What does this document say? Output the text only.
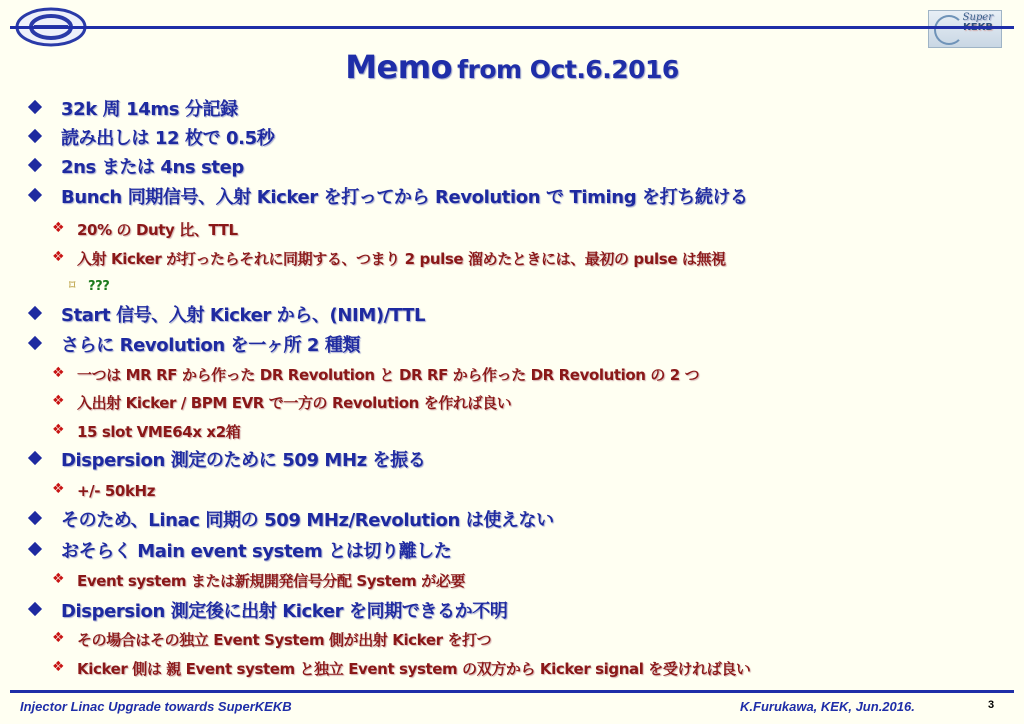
Super
Memo from Oct.6.2016
32k 周 14ms 分記録
読み出しは 12 枚で 0.5秒
2ns または 4ns step
Bunch 同期信号、入射 Kicker を打ってから Revolution で Timing を打ち続ける
❖ 20% の Duty 比、TTL
❖ 入射 Kicker が打ったらそれに同期する、つまり 2 pulse 溜めたときには、最初の pulse は無視
⌑ ???
Start 信号、入射 Kicker から、(NIM)/TTL
さらに Revolution を一ヶ所 2 種類
❖ 一つは MR RF から作った DR Revolution と DR RF から作った DR Revolution の 2 つ
❖ 入出射 Kicker / BPM EVR で一方の Revolution を作れば良い
❖ 15 slot VME64x x2箱
Dispersion 測定のために 509 MHz を振る
❖ +/- 50kHz
そのため、Linac 同期の 509 MHz/Revolution は使えない
おそらく Main event system とは切り離した
❖ Event system または新規開発信号分配 System が必要
Dispersion 測定後に出射 Kicker を同期できるか不明
❖ その場合はその独立 Event System 側が出射 Kicker を打つ
❖ Kicker 側は 親 Event system と独立 Event system の双方から Kicker signal を受ければ良い
Injector Linac Upgrade towards SuperKEKB	K.Furukawa, KEK, Jun.2016.	3
